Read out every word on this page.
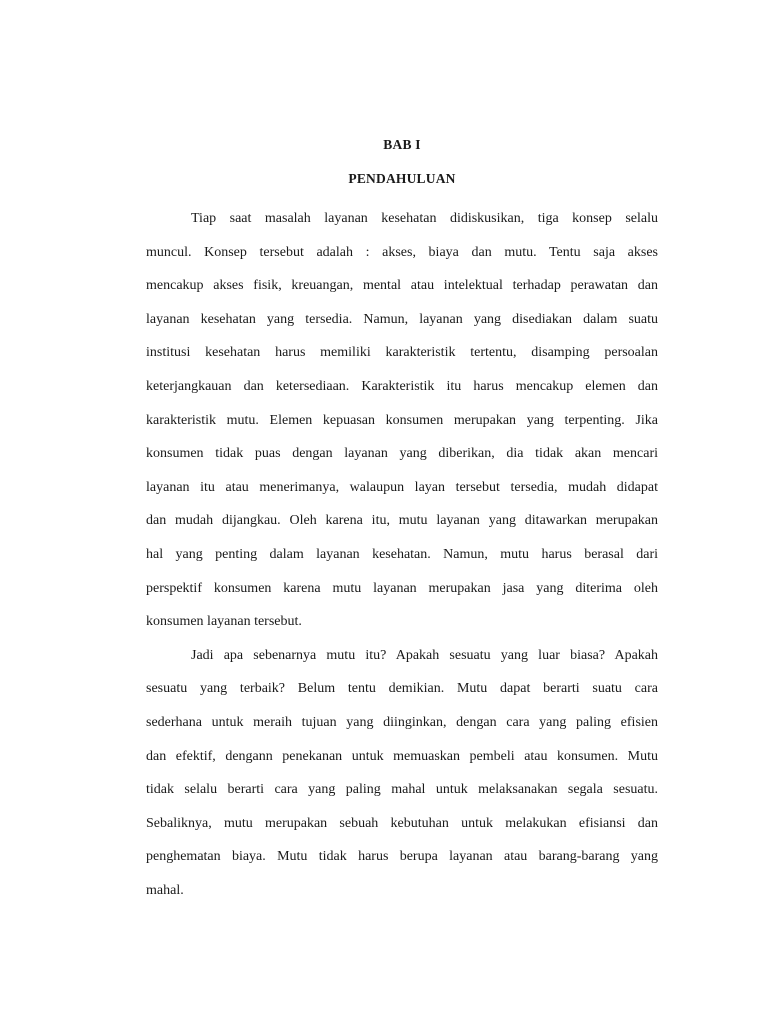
BAB I
PENDAHULUAN
Tiap saat masalah layanan kesehatan didiskusikan, tiga konsep selalu
muncul. Konsep tersebut adalah : akses, biaya dan mutu. Tentu saja akses
mencakup akses fisik, kreuangan, mental atau intelektual terhadap perawatan dan
layanan kesehatan yang tersedia. Namun, layanan yang disediakan dalam suatu
institusi kesehatan harus memiliki karakteristik tertentu, disamping persoalan
keterjangkauan dan ketersediaan. Karakteristik itu harus mencakup elemen dan
karakteristik mutu. Elemen kepuasan konsumen merupakan yang terpenting. Jika
konsumen tidak puas dengan layanan yang diberikan, dia tidak akan mencari
layanan itu atau menerimanya, walaupun layan tersebut tersedia, mudah didapat
dan mudah dijangkau. Oleh karena itu, mutu layanan yang ditawarkan merupakan
hal yang penting dalam layanan kesehatan. Namun, mutu harus berasal dari
perspektif konsumen karena mutu layanan merupakan jasa yang diterima oleh
konsumen layanan tersebut.
Jadi apa sebenarnya mutu itu? Apakah sesuatu yang luar biasa? Apakah
sesuatu yang terbaik? Belum tentu demikian. Mutu dapat berarti suatu cara
sederhana untuk meraih tujuan yang diinginkan, dengan cara yang paling efisien
dan efektif, dengann penekanan untuk memuaskan pembeli atau konsumen. Mutu
tidak selalu berarti cara yang paling mahal untuk melaksanakan segala sesuatu.
Sebaliknya, mutu merupakan sebuah kebutuhan untuk melakukan efisiansi dan
penghematan biaya. Mutu tidak harus berupa layanan atau barang-barang yang
mahal.
